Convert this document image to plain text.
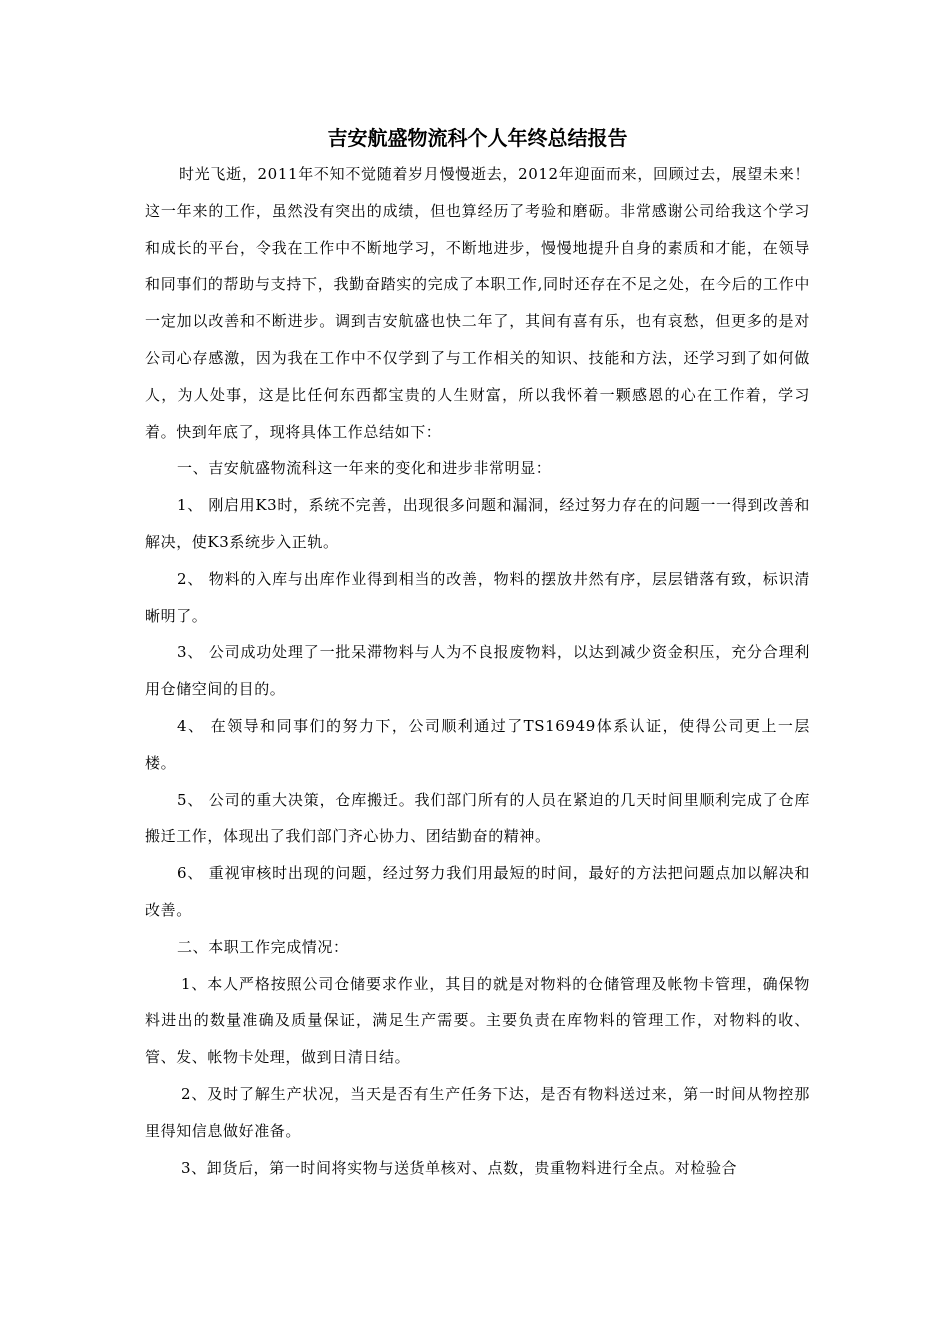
吉安航盛物流科个人年终总结报告

时光飞逝，2011年不知不觉随着岁月慢慢逝去，2012年迎面而来，回顾过去，展望未来！这一年来的工作，虽然没有突出的成绩，但也算经历了考验和磨砺。非常感谢公司给我这个学习和成长的平台，令我在工作中不断地学习，不断地进步，慢慢地提升自身的素质和才能，在领导和同事们的帮助与支持下，我勤奋踏实的完成了本职工作,同时还存在不足之处，在今后的工作中一定加以改善和不断进步。调到吉安航盛也快二年了，其间有喜有乐，也有哀愁，但更多的是对公司心存感激，因为我在工作中不仅学到了与工作相关的知识、技能和方法，还学习到了如何做人，为人处事，这是比任何东西都宝贵的人生财富，所以我怀着一颗感恩的心在工作着，学习着。快到年底了，现将具体工作总结如下：

一、吉安航盛物流科这一年来的变化和进步非常明显：

1、 刚启用K3时，系统不完善，出现很多问题和漏洞，经过努力存在的问题一一得到改善和解决，使K3系统步入正轨。

2、 物料的入库与出库作业得到相当的改善，物料的摆放井然有序，层层错落有致，标识清晰明了。

3、 公司成功处理了一批呆滞物料与人为不良报废物料，以达到减少资金积压，充分合理利用仓储空间的目的。

4、 在领导和同事们的努力下，公司顺利通过了TS16949体系认证，使得公司更上一层楼。

5、 公司的重大决策，仓库搬迁。我们部门所有的人员在紧迫的几天时间里顺利完成了仓库搬迁工作，体现出了我们部门齐心协力、团结勤奋的精神。

6、 重视审核时出现的问题，经过努力我们用最短的时间，最好的方法把问题点加以解决和改善。

二、本职工作完成情况：

1、本人严格按照公司仓储要求作业，其目的就是对物料的仓储管理及帐物卡管理，确保物料进出的数量准确及质量保证，满足生产需要。主要负责在库物料的管理工作，对物料的收、管、发、帐物卡处理，做到日清日结。

2、及时了解生产状况，当天是否有生产任务下达，是否有物料送过来，第一时间从物控那里得知信息做好准备。

3、卸货后，第一时间将实物与送货单核对、点数，贵重物料进行全点。对检验合
